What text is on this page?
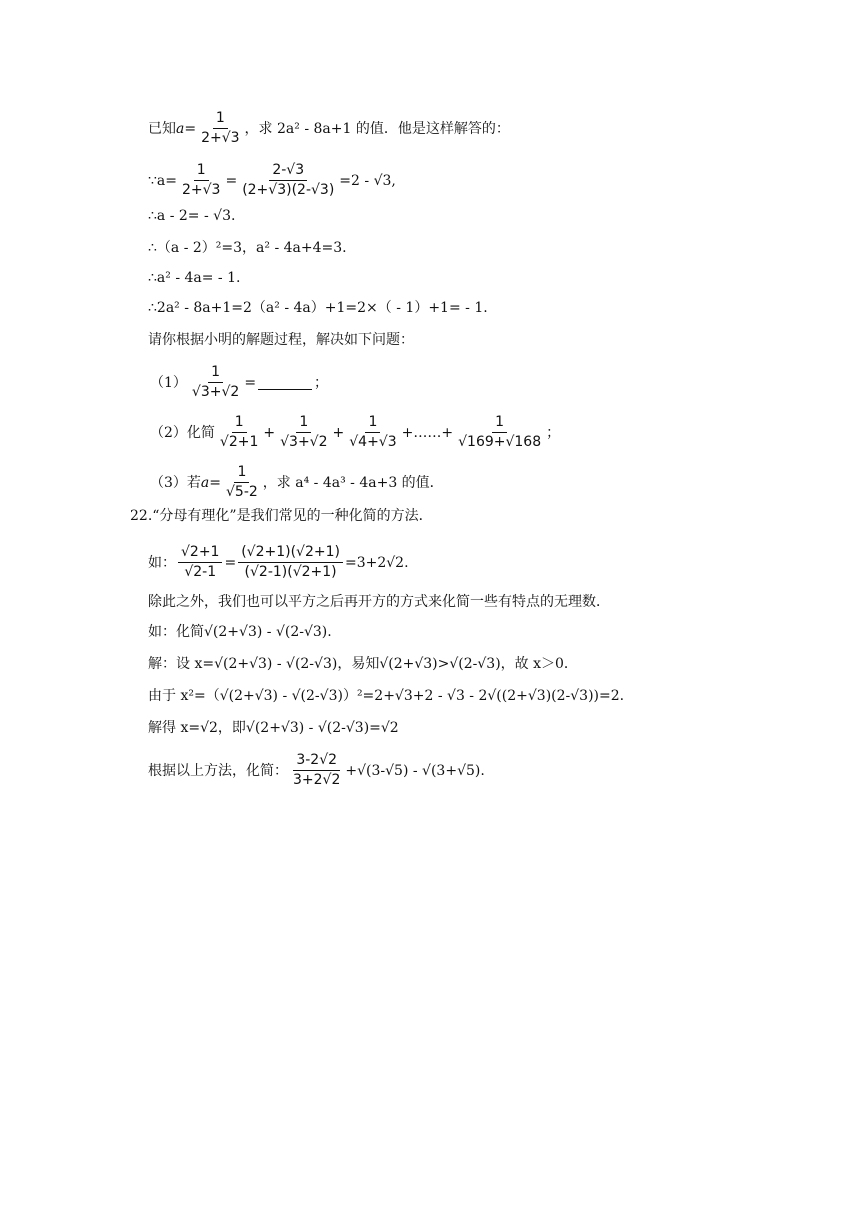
已知 $a= \frac{1}{2+√3}$ ，求 2a² - 8a+1 的值．他是这样解答的：
∵a= $\frac{1}{2+√3} = \frac{2-√3}{(2+√3)(2-√3)} =2 - √3$,
∴a - 2= - √3.
∴（a - 2）²=3，a² - 4a+4=3.
∴a² - 4a= - 1.
∴2a² - 8a+1=2（a² - 4a）+1=2×（ - 1）+1= - 1.
请你根据小明的解题过程，解决如下问题：
$(1) \frac{1}{√3+√2}$ =	；
（2）化简 $\frac{1}{√2+1} + \frac{1}{√3+√2} + \frac{1}{√4+√3}$ +……+ $\frac{1}{√169+√168}$ ；
（3）若 $a= \frac{1}{√5-2}$ ，求 a⁴ - 4a³ - 4a+3 的值．
22.“分母有理化”是我们常见的一种化简的方法．
如： $\frac{√2+1}{√2-1} = \frac{(√2+1)(√2+1)}{(√2-1)(√2+1)} =3+2√2$.
除此之外，我们也可以平方之后再开方的方式来化简一些有特点的无理数．
如：化简√(2+√3) - √(2-√3).
解：设 x=√(2+√3) - √(2-√3)，易知√(2+√3)>√(2-√3)，故 x＞0．
由于 x²=（√(2+√3) - √(2-√3)）²=2+√3+2 - √3 - 2√((2+√3)(2-√3))=2.
解得 x=√2，即√(2+√3) - √(2-√3)=√2
根据以上方法，化简： $\frac{3-2√2}{3+2√2} +√(3-√5) - √(3+√5)$.
